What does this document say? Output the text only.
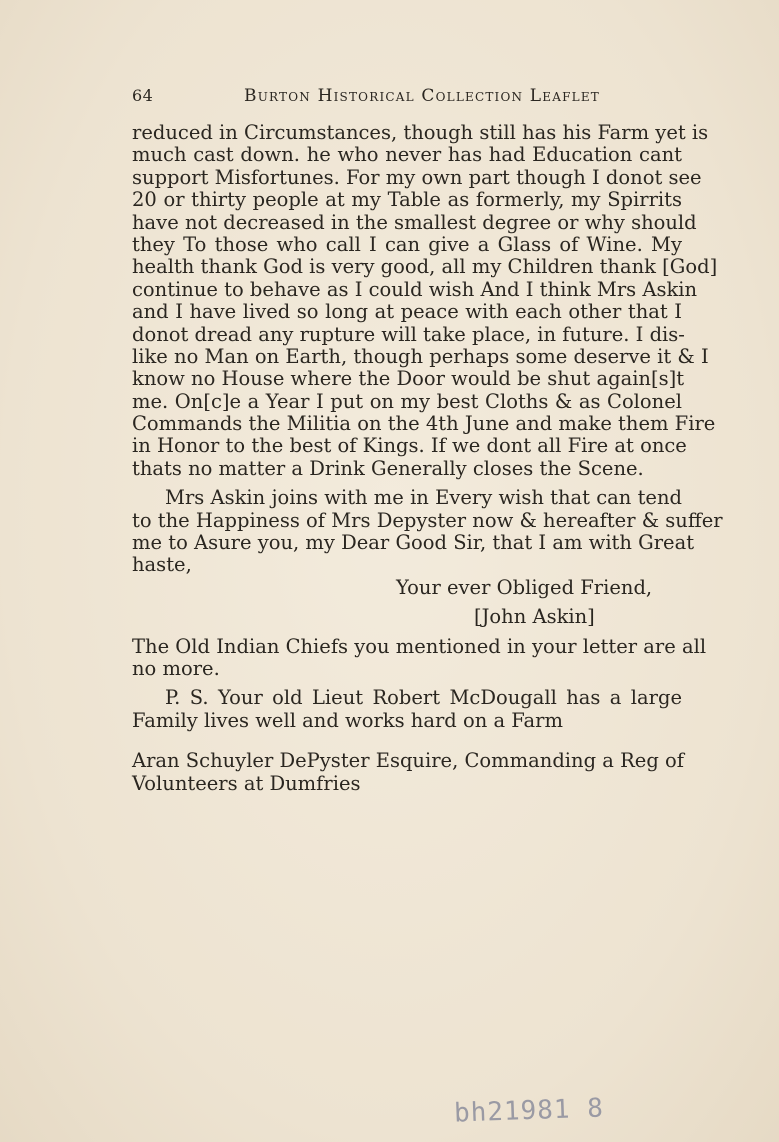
64	Burton Historical Collection Leaflet
reduced in Circumstances, though still has his Farm yet is
much cast down. he who never has had Education cant
support Misfortunes. For my own part though I donot see
20 or thirty people at my Table as formerly, my Spirrits
have not decreased in the smallest degree or why should
they To those who call I can give a Glass of Wine. My
health thank God is very good, all my Children thank [God]
continue to behave as I could wish And I think Mrs Askin
and I have lived so long at peace with each other that I
donot dread any rupture will take place, in future. I dis-
like no Man on Earth, though perhaps some deserve it & I
know no House where the Door would be shut again[s]t
me. On[c]e a Year I put on my best Cloths & as Colonel
Commands the Militia on the 4th June and make them Fire
in Honor to the best of Kings. If we dont all Fire at once
thats no matter a Drink Generally closes the Scene.
Mrs Askin joins with me in Every wish that can tend
to the Happiness of Mrs Depyster now & hereafter & suffer
me to Asure you, my Dear Good Sir, that I am with Great
haste,
Your ever Obliged Friend,
[John Askin]
The Old Indian Chiefs you mentioned in your letter are all
no more.
P. S. Your old Lieut Robert McDougall has a large
Family lives well and works hard on a Farm
Aran Schuyler DePyster Esquire, Commanding a Reg of
Volunteers at Dumfries
bh21981 8
